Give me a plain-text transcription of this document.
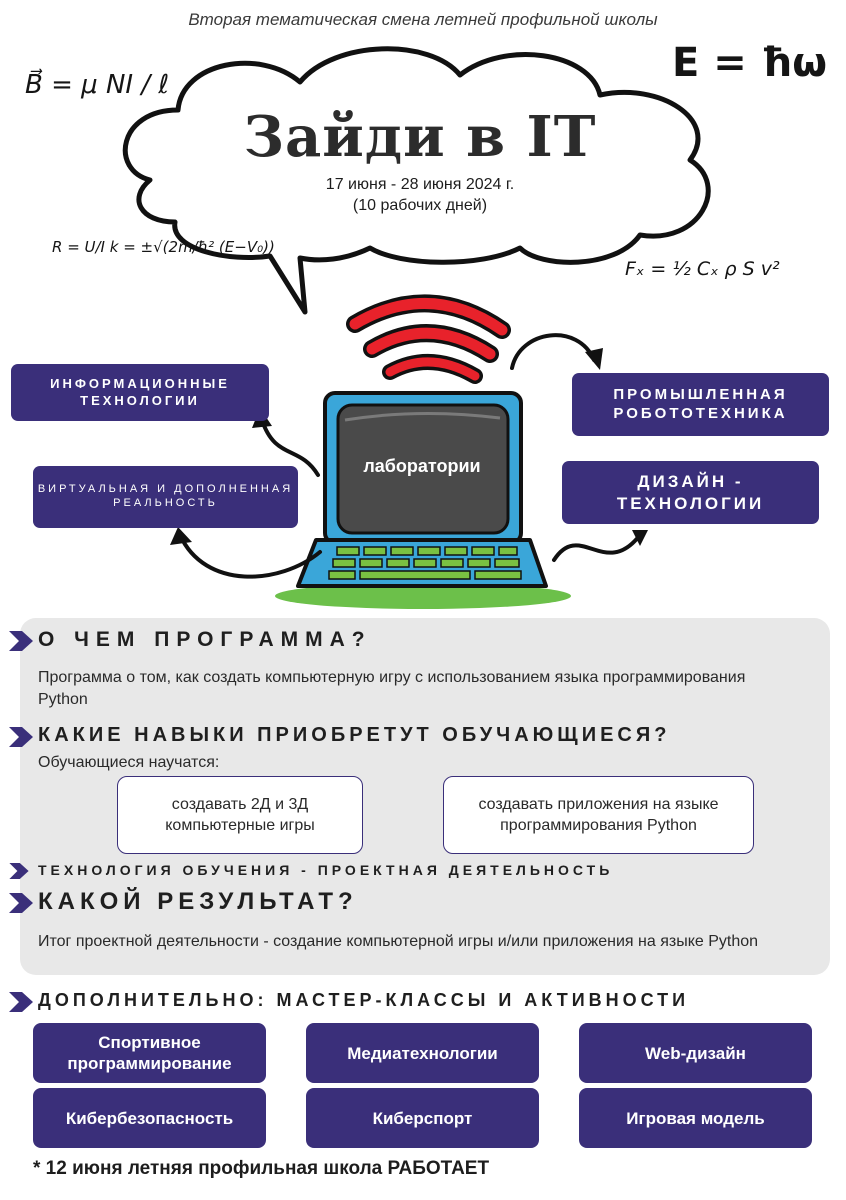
Вторая тематическая смена летней профильной школы
B⃗ = μ NI / ℓ	E = ħω
R = U/I k = ±√(2m/ħ² (E−V₀))
Fₓ = ½ Cₓ ρ S v²
Зайди в IT
17 июня - 28 июня 2024 г.
(10 рабочих дней)
лаборатории
ИНФОРМАЦИОННЫЕ ТЕХНОЛОГИИ
ВИРТУАЛЬНАЯ И ДОПОЛНЕННАЯ РЕАЛЬНОСТЬ
ПРОМЫШЛЕННАЯ РОБОТОТЕХНИКА
ДИЗАЙН - ТЕХНОЛОГИИ
О ЧЕМ ПРОГРАММА?
Программа о том, как создать компьютерную игру с использованием языка программирования Python
КАКИЕ НАВЫКИ ПРИОБРЕТУТ ОБУЧАЮЩИЕСЯ?
Обучающиеся научатся:
создавать 2Д и 3Д компьютерные игры
создавать приложения на языке программирования Python
ТЕХНОЛОГИЯ ОБУЧЕНИЯ - ПРОЕКТНАЯ ДЕЯТЕЛЬНОСТЬ
КАКОЙ РЕЗУЛЬТАТ?
Итог проектной деятельности - создание компьютерной игры и/или приложения на языке Python
ДОПОЛНИТЕЛЬНО: МАСТЕР-КЛАССЫ И АКТИВНОСТИ
Спортивное программирование
Медиатехнологии	Web-дизайн
Кибербезопасность	Киберспорт	Игровая модель
* 12 июня летняя профильная школа РАБОТАЕТ
